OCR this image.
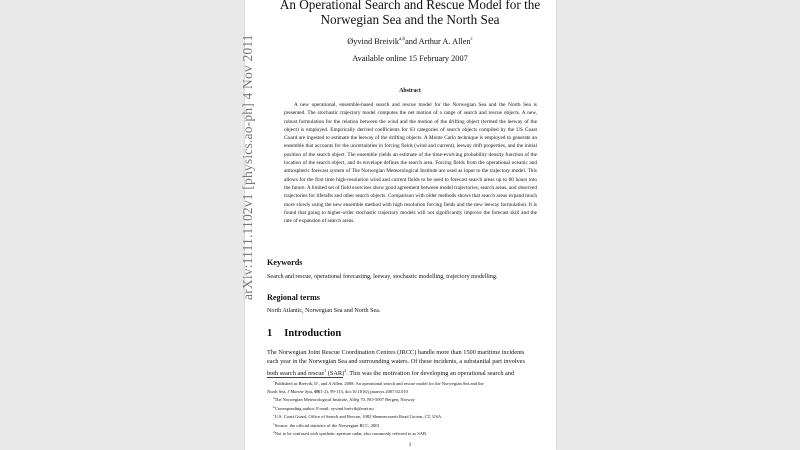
arXiv:1111.1102v1 [physics.ao-ph] 4 Nov 2011
An Operational Search and Rescue Model for the
Norwegian Sea and the North Sea
Øyvind Breivik$^{a,b}$and Arthur A. Allen$^c$
Available online 15 February 2007
Abstract

A new operational, ensemble-based search and rescue model for the Norwegian Sea and the North Sea is presented. The stochastic trajectory model computes the net motion of a range of search and rescue objects. A new, robust formulation for the relation between the wind and the motion of the drifting object (termed the leeway of the object) is employed. Empirically derived coefficients for 63 categories of search objects compiled by the US Coast Guard are ingested to estimate the leeway of the drifting objects. A Monte Carlo technique is employed to generate an ensemble that accounts for the uncertainties in forcing fields (wind and current), leeway drift properties, and the initial position of the search object. The ensemble yields an estimate of the time-evolving probability density function of the location of the search object, and its envelope defines the search area. Forcing fields from the operational oceanic and atmospheric forecast system of The Norwegian Meteorological Institute are used as input to the trajectory model. This allows for the first time high-resolution wind and current fields to be used to forecast search areas up to 60 hours into the future. A limited set of field exercises show good agreement between model trajectories, search areas, and observed trajectories for liferafts and other search objects. Comparison with older methods shows that search areas expand much more slowly using the new ensemble method with high resolution forcing fields and the new leeway formulation. It is found that going to higher-order stochastic trajectory models will not significantly improve the forecast skill and the rate of expansion of search areas.

Keywords
Search and rescue, operational forecasting, leeway, stochastic modelling, trajectory modelling.
Regional terms
North Atlantic, Norwegian Sea and North Sea.
1 Introduction
The Norwegian Joint Rescue Coordination Centres (JRCC) handle more than 1500 maritime incidents
each year in the Norwegian Sea and surrounding waters. Of these incidents, a substantial part involves
both search and rescue$^1$ (SAR)$^2$. This was the motivation for developing an operational search and
*Published as Breivik, Ø., and A Allen, 2008: An operational search and rescue model for the Norwegian Sea and the
North Sea, J Marine Syst, 69(1-2), 99-113, doi:10.1016/j.jmarsys.2007.02.010
$^a$The Norwegian Meteorological Institute, Allég 70, NO-5007 Bergen, Norway
$^b$Corresponding author. E-mail: oyvind.breivik@met.no
$^c$U.S. Coast Guard, Office of Search and Rescue, 1082 Shennecossett Road Groton, CT, USA
$^1$Source: the official statistics of the Norwegian RCC, 2001
$^2$Not to be confused with synthetic aperture radar, also commonly referred to as SAR.
1
